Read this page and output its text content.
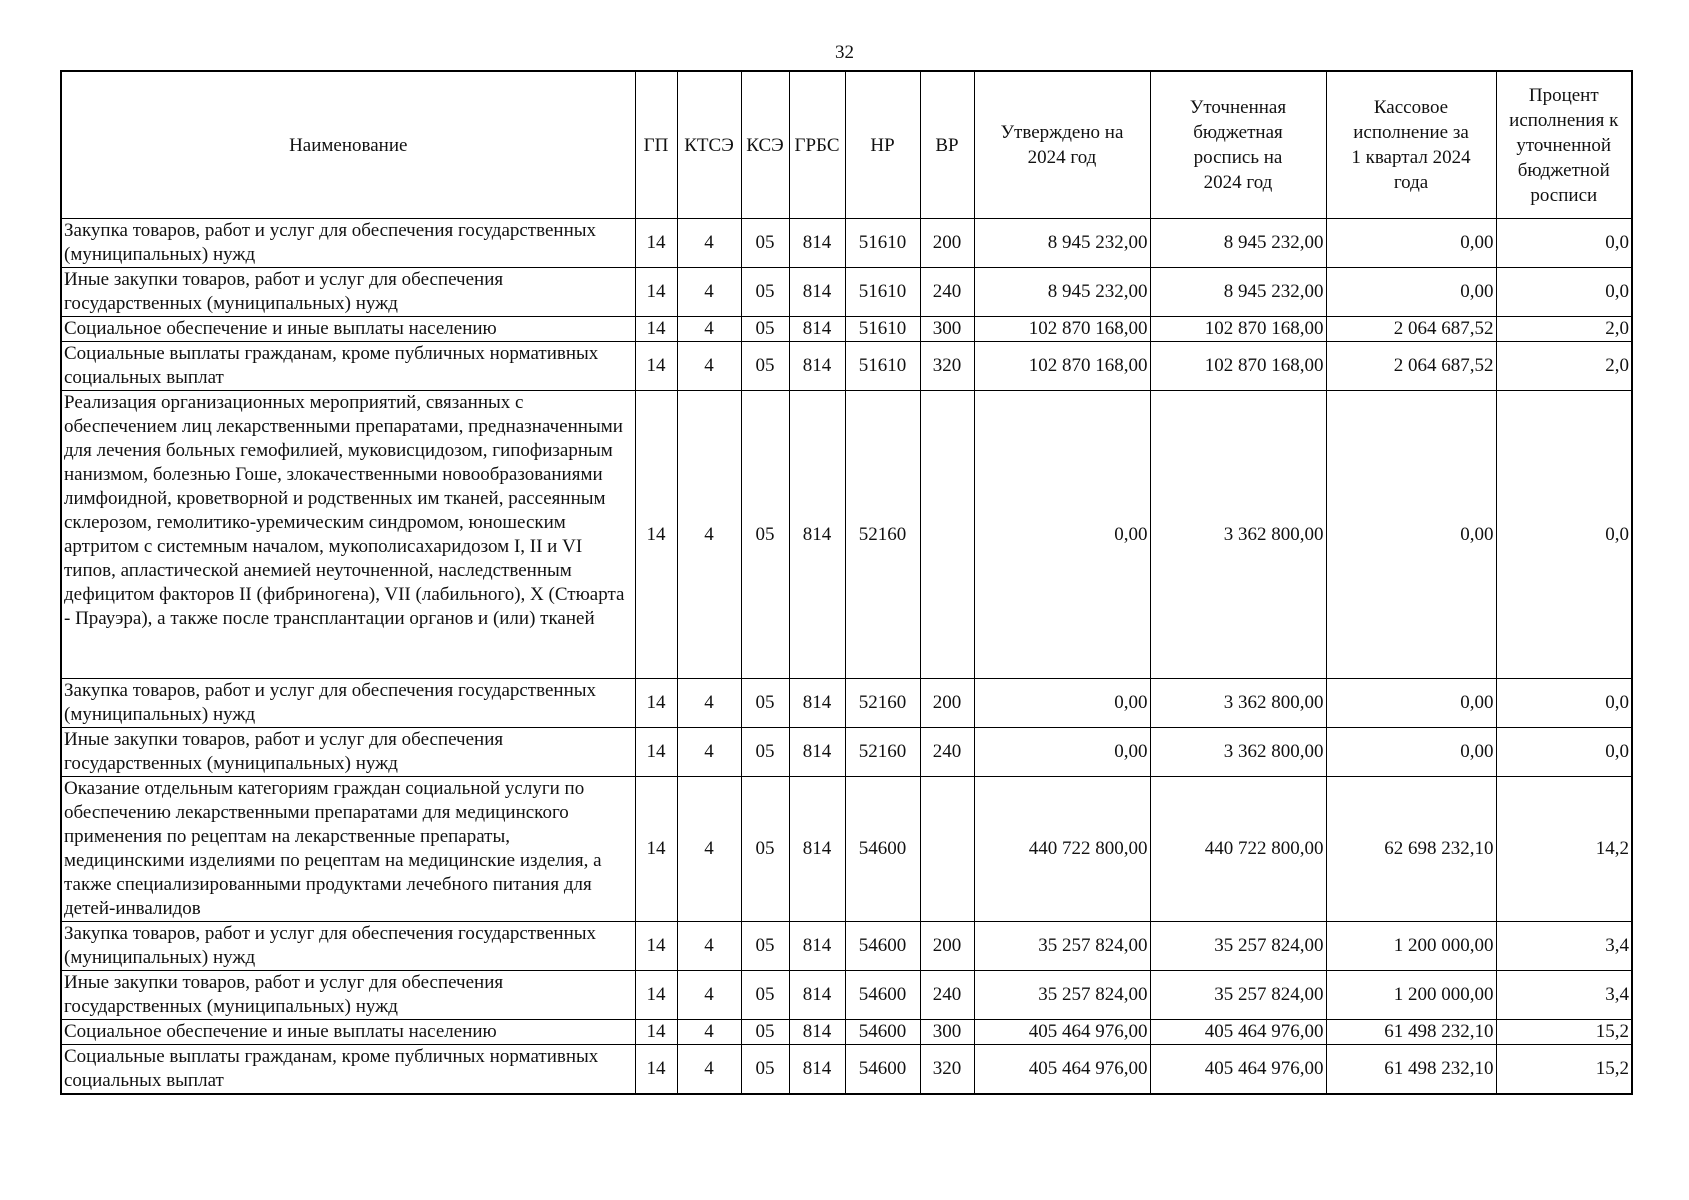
32
Наименование	ГП	КТСЭ	КСЭ	ГРБС	НР	ВР	Утверждено на 2024 год	Уточненная бюджетная роспись на 2024 год	Кассовое исполнение за 1 квартал 2024 года	Процент исполнения к уточненной бюджетной росписи
Закупка товаров, работ и услуг для обеспечения государственных (муниципальных) нужд	14	4	05	814	51610	200	8 945 232,00	8 945 232,00	0,00	0,0
Иные закупки товаров, работ и услуг для обеспечения государственных (муниципальных) нужд	14	4	05	814	51610	240	8 945 232,00	8 945 232,00	0,00	0,0
Социальное обеспечение и иные выплаты населению	14	4	05	814	51610	300	102 870 168,00	102 870 168,00	2 064 687,52	2,0
Социальные выплаты гражданам, кроме публичных нормативных социальных выплат	14	4	05	814	51610	320	102 870 168,00	102 870 168,00	2 064 687,52	2,0
Реализация организационных мероприятий, связанных с обеспечением лиц лекарственными препаратами, предназначенными для лечения больных гемофилией, муковисцидозом, гипофизарным нанизмом, болезнью Гоше, злокачественными новообразованиями лимфоидной, кроветворной и родственных им тканей, рассеянным склерозом, гемолитико-уремическим синдромом, юношеским артритом с системным началом, мукополисахаридозом I, II и VI типов, апластической анемией неуточненной, наследственным дефицитом факторов II (фибриногена), VII (лабильного), X (Стюарта - Прауэра), а также после трансплантации органов и (или) тканей	14	4	05	814	52160		0,00	3 362 800,00	0,00	0,0
Закупка товаров, работ и услуг для обеспечения государственных (муниципальных) нужд	14	4	05	814	52160	200	0,00	3 362 800,00	0,00	0,0
Иные закупки товаров, работ и услуг для обеспечения государственных (муниципальных) нужд	14	4	05	814	52160	240	0,00	3 362 800,00	0,00	0,0
Оказание отдельным категориям граждан социальной услуги по обеспечению лекарственными препаратами для медицинского применения по рецептам на лекарственные препараты, медицинскими изделиями по рецептам на медицинские изделия, а также специализированными продуктами лечебного питания для детей-инвалидов	14	4	05	814	54600		440 722 800,00	440 722 800,00	62 698 232,10	14,2
Закупка товаров, работ и услуг для обеспечения государственных (муниципальных) нужд	14	4	05	814	54600	200	35 257 824,00	35 257 824,00	1 200 000,00	3,4
Иные закупки товаров, работ и услуг для обеспечения государственных (муниципальных) нужд	14	4	05	814	54600	240	35 257 824,00	35 257 824,00	1 200 000,00	3,4
Социальное обеспечение и иные выплаты населению	14	4	05	814	54600	300	405 464 976,00	405 464 976,00	61 498 232,10	15,2
Социальные выплаты гражданам, кроме публичных нормативных социальных выплат	14	4	05	814	54600	320	405 464 976,00	405 464 976,00	61 498 232,10	15,2
